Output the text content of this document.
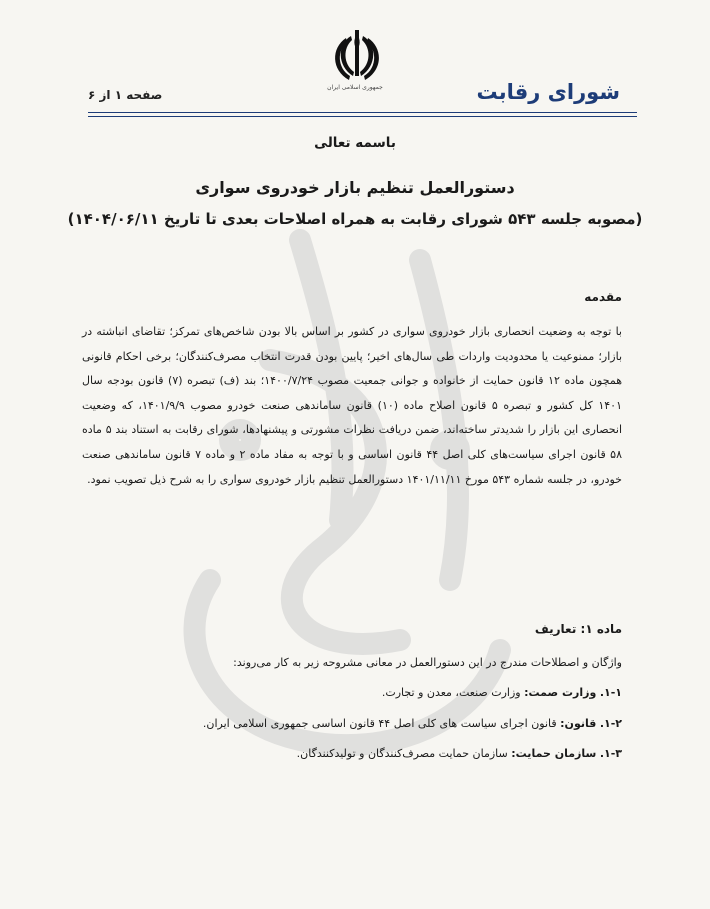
جمهوری اسلامی ایران	شورای رقابت
صفحه ۱ از ۶
باسمه تعالی
دستورالعمل تنظیم بازار خودروی سواری
(مصوبه جلسه ۵۴۳ شورای رقابت به همراه اصلاحات بعدی تا تاریخ ۱۴۰۴/۰۶/۱۱)
مقدمه
با توجه به وضعیت انحصاری بازار خودروی سواری در کشور بر اساس بالا بودن شاخص‌های تمرکز؛ تقاضای انباشته در بازار؛ ممنوعیت یا محدودیت واردات طی سال‌های اخیر؛ پایین بودن قدرت انتخاب مصرف‌کنندگان؛ برخی احکام قانونی همچون ماده ۱۲ قانون حمایت از خانواده و جوانی جمعیت مصوب ۱۴۰۰/۷/۲۴؛ بند (ف) تبصره (۷) قانون بودجه سال ۱۴۰۱ کل کشور و تبصره ۵ قانون اصلاح ماده (۱۰) قانون ساماندهی صنعت خودرو مصوب ۱۴۰۱/۹/۹، که وضعیت انحصاری این بازار را شدیدتر ساخته‌اند، ضمن دریافت نظرات مشورتی و پیشنهادها، شورای رقابت به استناد بند ۵ ماده ۵۸ قانون اجرای سیاست‌های کلی اصل ۴۴ قانون اساسی و با توجه به مفاد ماده ۲ و ماده ۷ قانون ساماندهی صنعت خودرو، در جلسه شماره ۵۴۳ مورخ ۱۴۰۱/۱۱/۱۱ دستورالعمل تنظیم بازار خودروی سواری را به شرح ذیل تصویب نمود.
ماده ۱: تعاریف
واژگان و اصطلاحات مندرج در این دستورالعمل در معانی مشروحه زیر به کار می‌روند:
۱-۱. وزارت صمت: وزارت صنعت، معدن و تجارت.
۱-۲. قانون: قانون اجرای سیاست های کلی اصل ۴۴ قانون اساسی جمهوری اسلامی ایران.
۱-۳. سازمان حمایت: سازمان حمایت مصرف‌کنندگان و تولیدکنندگان.
